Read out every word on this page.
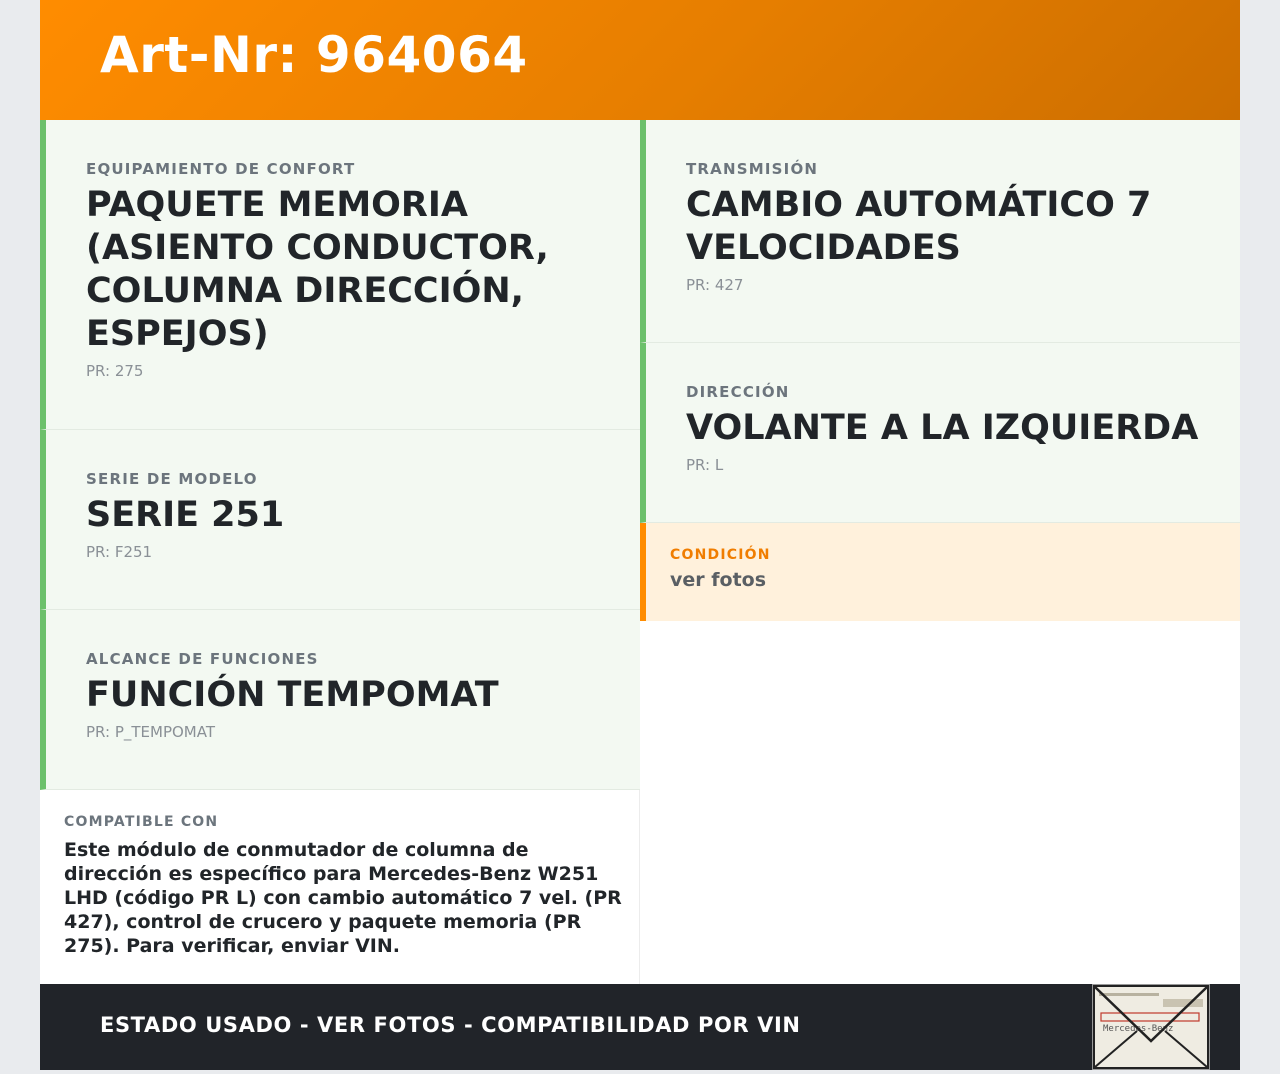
Art-Nr: 964064
EQUIPAMIENTO DE CONFORT
PAQUETE MEMORIA (ASIENTO CONDUCTOR, COLUMNA DIRECCIÓN, ESPEJOS)
PR: 275
SERIE DE MODELO
SERIE 251
PR: F251
ALCANCE DE FUNCIONES
FUNCIÓN TEMPOMAT
PR: P_TEMPOMAT
COMPATIBLE CON
Este módulo de conmutador de columna de dirección es específico para Mercedes-Benz W251 LHD (código PR L) con cambio automático 7 vel. (PR 427), control de crucero y paquete memoria (PR 275). Para verificar, enviar VIN.
TRANSMISIÓN
CAMBIO AUTOMÁTICO 7 VELOCIDADES
PR: 427
DIRECCIÓN
VOLANTE A LA IZQUIERDA
PR: L
CONDICIÓN
ver fotos
ESTADO USADO - VER FOTOS - COMPATIBILIDAD POR VIN	Mercedes-Benz
